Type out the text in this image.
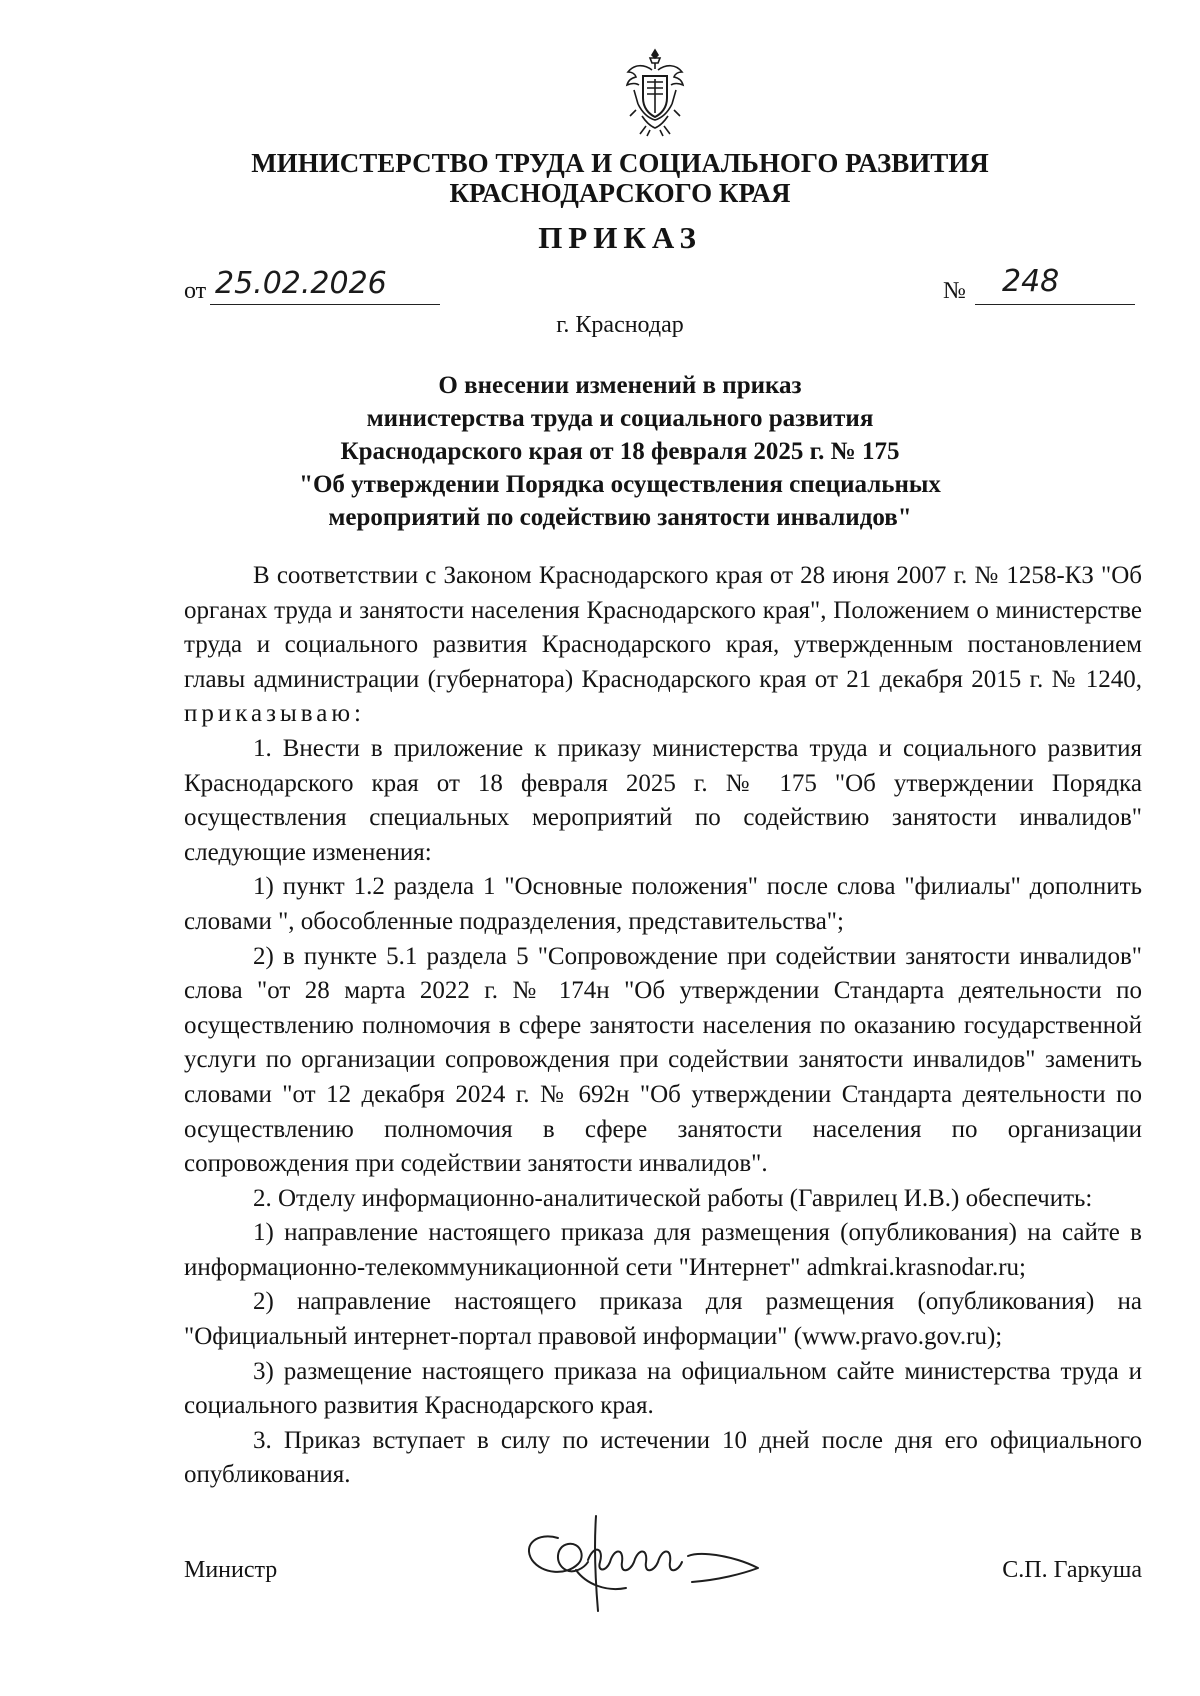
МИНИСТЕРСТВО ТРУДА И СОЦИАЛЬНОГО РАЗВИТИЯ
КРАСНОДАРСКОГО КРАЯ
ПРИКАЗ
от 25.02.2026	№ 248
г. Краснодар
О внесении изменений в приказ
министерства труда и социального развития
Краснодарского края от 18 февраля 2025 г. № 175
"Об утверждении Порядка осуществления специальных
мероприятий по содействию занятости инвалидов"

В соответствии с Законом Краснодарского края от 28 июня 2007 г. № 1258-КЗ "Об органах труда и занятости населения Краснодарского края", Положением о министерстве труда и социального развития Краснодарского края, утвержденным постановлением главы администрации (губернатора) Краснодарского края от 21 декабря 2015 г. № 1240, приказываю:

1. Внести в приложение к приказу министерства труда и социального развития Краснодарского края от 18 февраля 2025 г. № 175 "Об утверждении Порядка осуществления специальных мероприятий по содействию занятости инвалидов" следующие изменения:

1) пункт 1.2 раздела 1 "Основные положения" после слова "филиалы" дополнить словами ", обособленные подразделения, представительства";

2) в пункте 5.1 раздела 5 "Сопровождение при содействии занятости инвалидов" слова "от 28 марта 2022 г. № 174н "Об утверждении Стандарта деятельности по осуществлению полномочия в сфере занятости населения по оказанию государственной услуги по организации сопровождения при содействии занятости инвалидов" заменить словами "от 12 декабря 2024 г. № 692н "Об утверждении Стандарта деятельности по осуществлению полномочия в сфере занятости населения по организации сопровождения при содействии занятости инвалидов".

2. Отделу информационно-аналитической работы (Гаврилец И.В.) обеспечить:

1) направление настоящего приказа для размещения (опубликования) на сайте в информационно-телекоммуникационной сети "Интернет" admkrai.krasnodar.ru;

2) направление настоящего приказа для размещения (опубликования) на "Официальный интернет-портал правовой информации" (www.pravo.gov.ru);

3) размещение настоящего приказа на официальном сайте министерства труда и социального развития Краснодарского края.

3. Приказ вступает в силу по истечении 10 дней после дня его официального опубликования.

Министр	С.П. Гаркуша
